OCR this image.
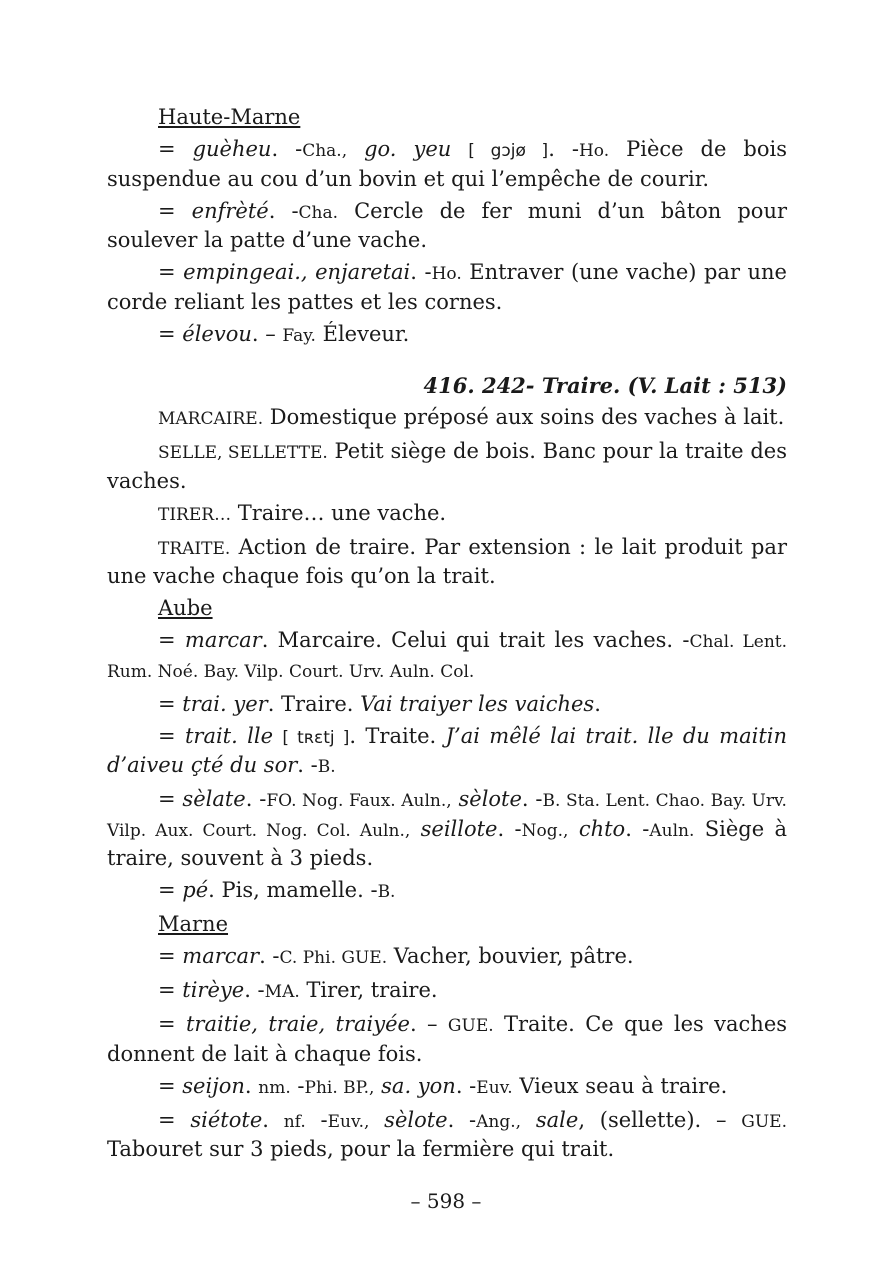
Haute-Marne

= guèheu. -Cha., go. yeu [ gɔjø ]. -Ho. Pièce de bois suspendue au cou d’un bovin et qui l’empêche de courir.

= enfrèté. -Cha. Cercle de fer muni d’un bâton pour soulever la patte d’une vache.

= empingeai., enjaretai. -Ho. Entraver (une vache) par une corde reliant les pattes et les cornes.

= élevou. – Fay. Éleveur.

416. 242- Traire. (V. Lait : 513)

MARCAIRE. Domestique préposé aux soins des vaches à lait.

SELLE, SELLETTE. Petit siège de bois. Banc pour la traite des vaches.

TIRER… Traire… une vache.

TRAITE. Action de traire. Par extension : le lait produit par une vache chaque fois qu’on la trait.

Aube

= marcar. Marcaire. Celui qui trait les vaches. -Chal. Lent. Rum. Noé. Bay. Vilp. Court. Urv. Auln. Col.

= trai. yer. Traire. Vai traiyer les vaiches.

= trait. lle [ tʀɛtj ]. Traite. J’ai mêlé lai trait. lle du maitin d’aiveu çté du sor. -B.

= sèlate. -FO. Nog. Faux. Auln., sèlote. -B. Sta. Lent. Chao. Bay. Urv. Vilp. Aux. Court. Nog. Col. Auln., seillote. -Nog., chto. -Auln. Siège à traire, souvent à 3 pieds.

= pé. Pis, mamelle. -B.

Marne

= marcar. -C. Phi. GUE. Vacher, bouvier, pâtre.

= tirèye. -MA. Tirer, traire.

= traitie, traie, traiyée. – GUE. Traite. Ce que les vaches donnent de lait à chaque fois.

= seijon. nm. -Phi. BP., sa. yon. -Euv. Vieux seau à traire.

= siétote. nf. -Euv., sèlote. -Ang., sale, (sellette). – GUE. Tabouret sur 3 pieds, pour la fermière qui trait.

– 598 –
